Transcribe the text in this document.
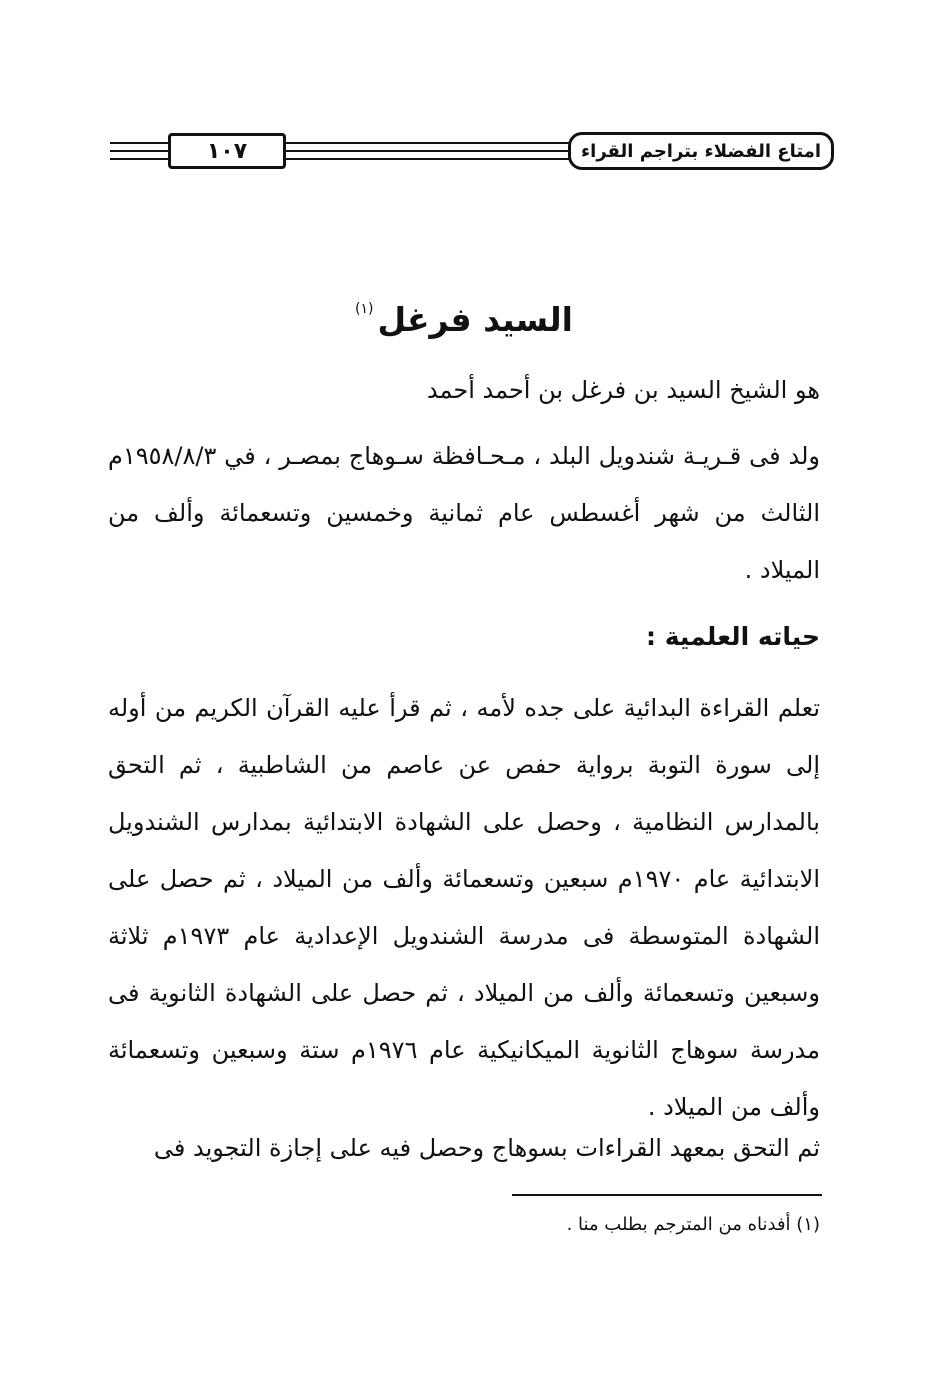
١٠٧	امتاع الفضلاء بتراجم القراء
السيد فرغل$^{(١)}$
هو الشيخ السيد بن فرغل بن أحمد أحمد
ولد فى قـريـة شندويل البلد ، مـحـافظة سـوهاج بمصـر ، في ١٩٥٨/٨/٣م الثالث من شهر أغسطس عام ثمانية وخمسين وتسعمائة وألف من الميلاد .
حياته العلمية :
تعلم القراءة البدائية على جده لأمه ، ثم قرأ عليه القرآن الكريم من أوله إلى سورة التوبة برواية حفص عن عاصم من الشاطبية ، ثم التحق بالمدارس النظامية ، وحصل على الشهادة الابتدائية بمدارس الشندويل الابتدائية عام ١٩٧٠م سبعين وتسعمائة وألف من الميلاد ، ثم حصل على الشهادة المتوسطة فى مدرسة الشندويل الإعدادية عام ١٩٧٣م ثلاثة وسبعين وتسعمائة وألف من الميلاد ، ثم حصل على الشهادة الثانوية فى مدرسة سوهاج الثانوية الميكانيكية عام ١٩٧٦م ستة وسبعين وتسعمائة وألف من الميلاد .
ثم التحق بمعهد القراءات بسوهاج وحصل فيه على إجازة التجويد فى
(١) أفدناه من المترجم بطلب منا .
